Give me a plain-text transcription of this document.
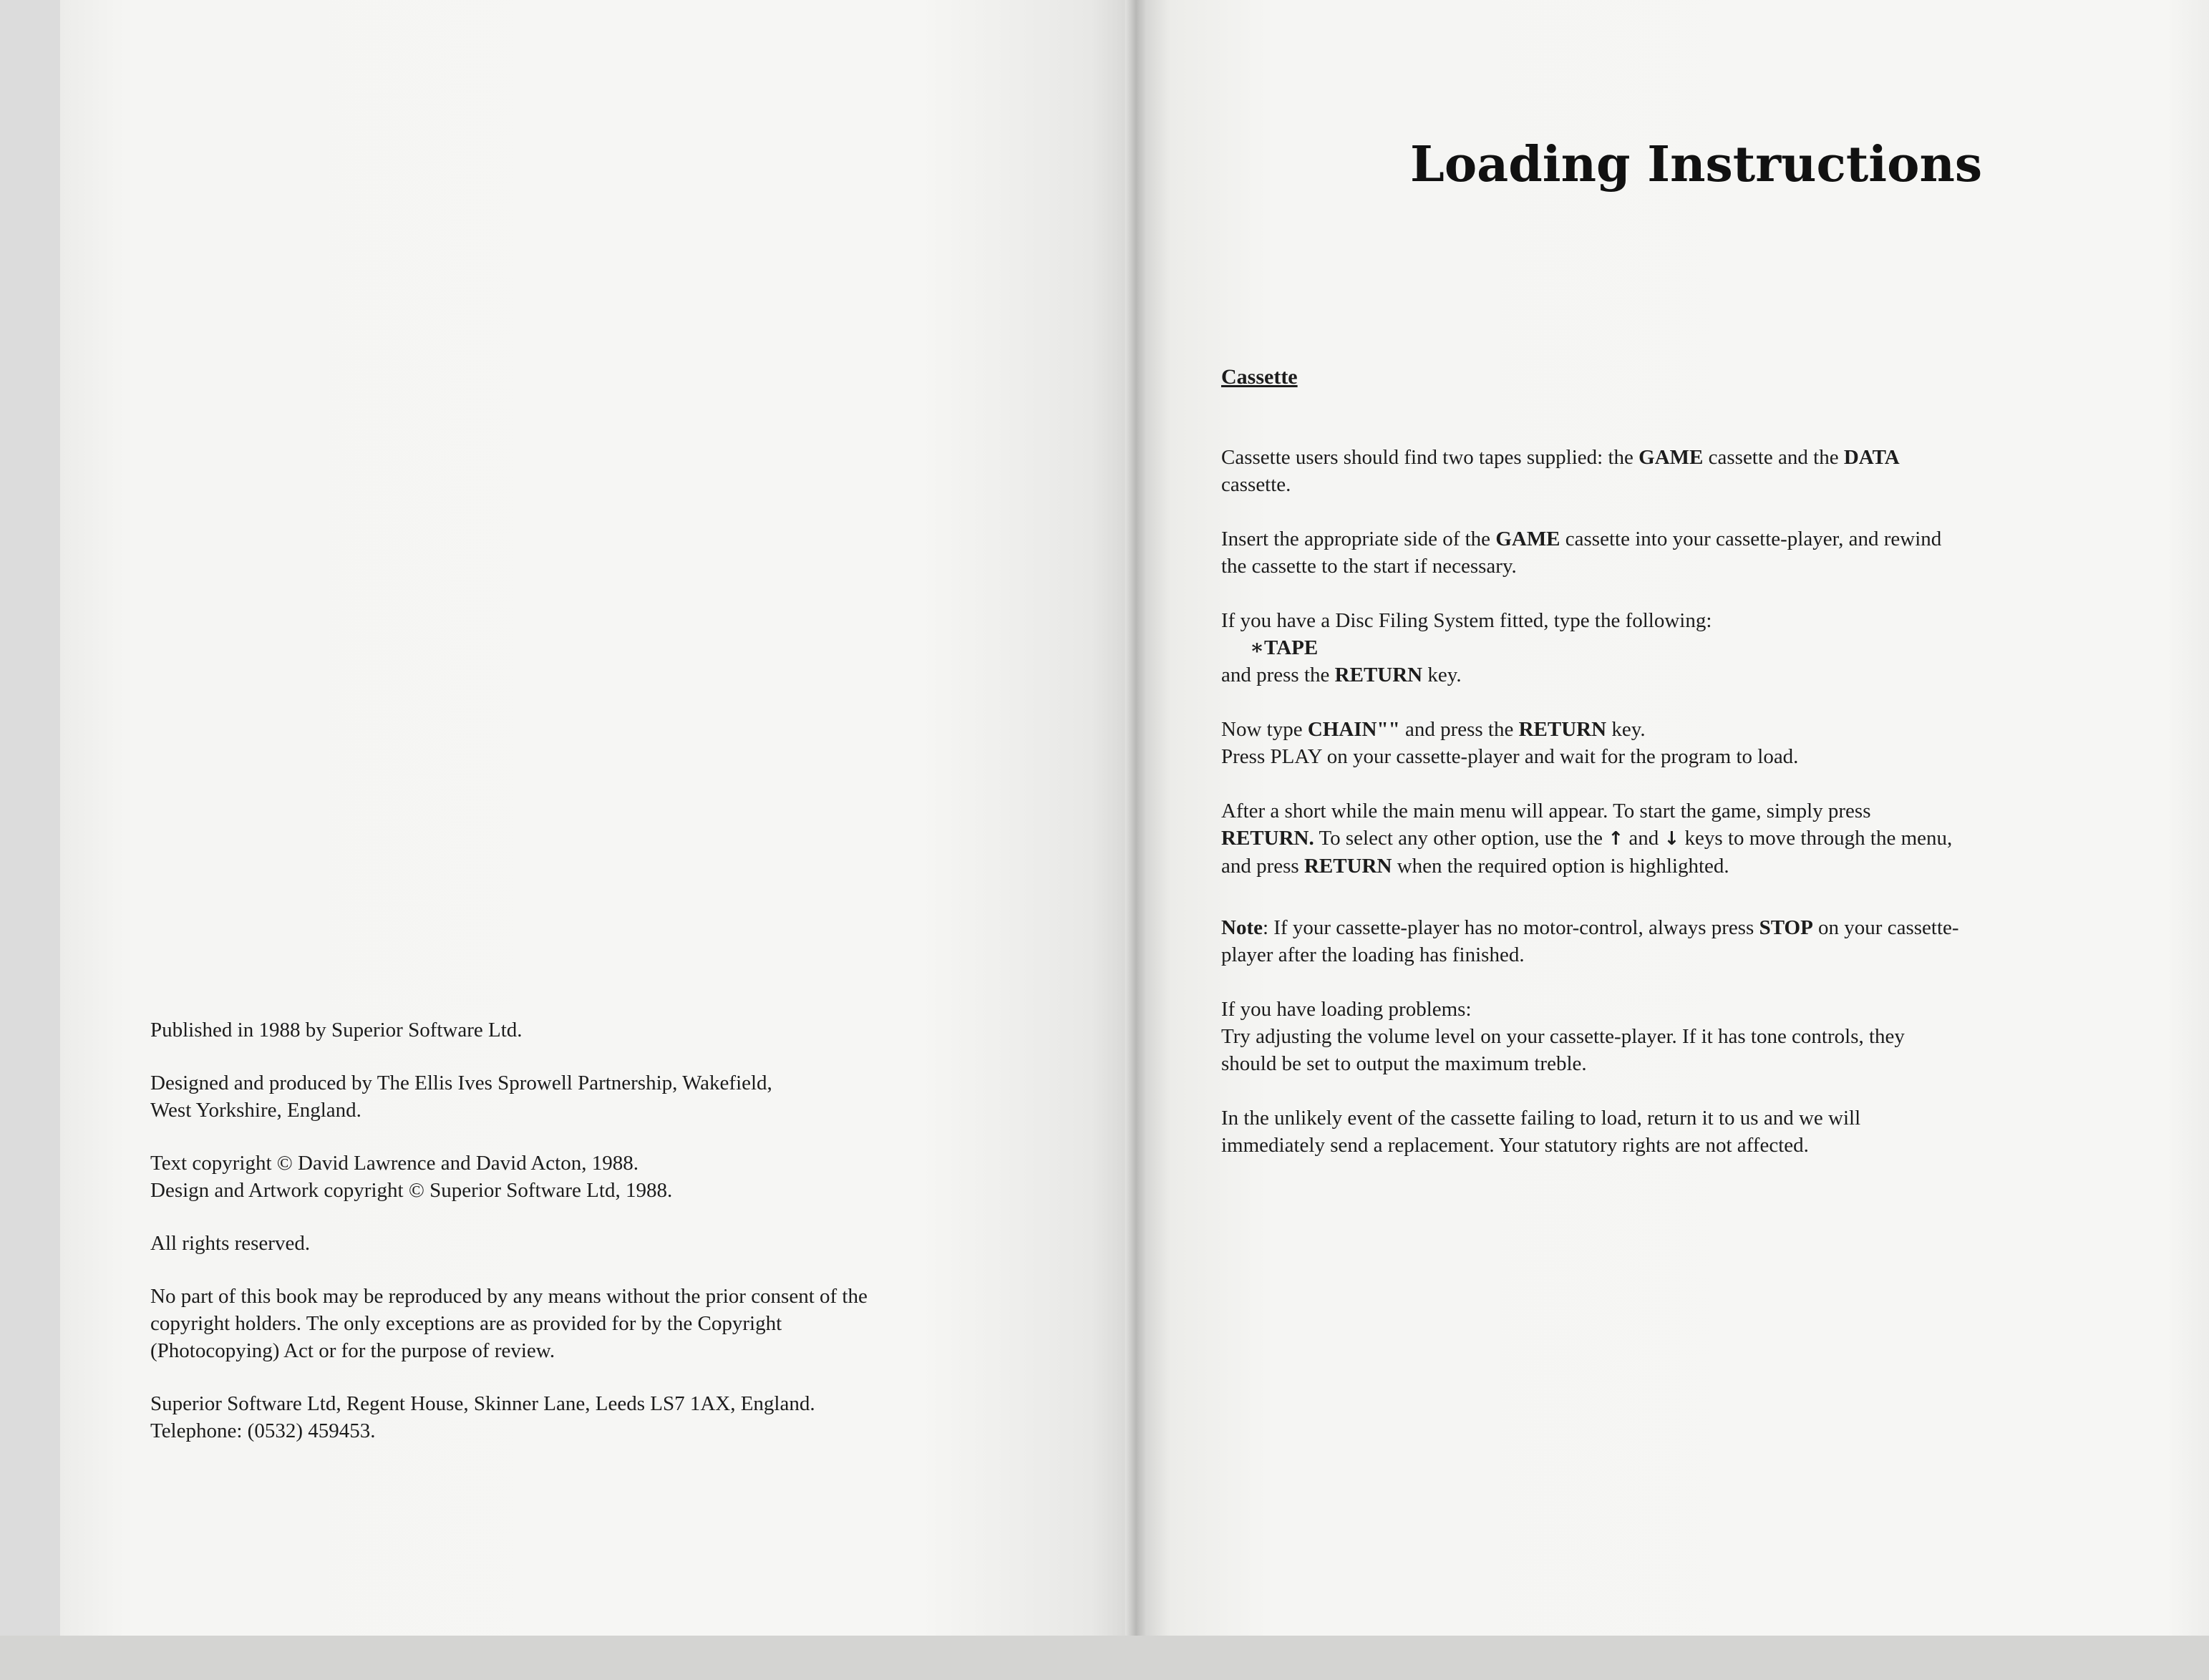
Published in 1988 by Superior Software Ltd.

Designed and produced by The Ellis Ives Sprowell Partnership, Wakefield,
West Yorkshire, England.

Text copyright © David Lawrence and David Acton, 1988.
Design and Artwork copyright © Superior Software Ltd, 1988.

All rights reserved.

No part of this book may be reproduced by any means without the prior consent of the
copyright holders. The only exceptions are as provided for by the Copyright
(Photocopying) Act or for the purpose of review.

Superior Software Ltd, Regent House, Skinner Lane, Leeds LS7 1AX, England.
Telephone: (0532) 459453.

Loading Instructions
Cassette

Cassette users should find two tapes supplied: the GAME cassette and the DATA
cassette.

Insert the appropriate side of the GAME cassette into your cassette-player, and rewind
the cassette to the start if necessary.

If you have a Disc Filing System fitted, type the following:
∗TAPE
and press the RETURN key.

Now type CHAIN"" and press the RETURN key.
Press PLAY on your cassette-player and wait for the program to load.

After a short while the main menu will appear. To start the game, simply press
RETURN. To select any other option, use the ↑ and ↓ keys to move through the menu,
and press RETURN when the required option is highlighted.

Note: If your cassette-player has no motor-control, always press STOP on your cassette-
player after the loading has finished.

If you have loading problems:
Try adjusting the volume level on your cassette-player. If it has tone controls, they
should be set to output the maximum treble.

In the unlikely event of the cassette failing to load, return it to us and we will
immediately send a replacement. Your statutory rights are not affected.
